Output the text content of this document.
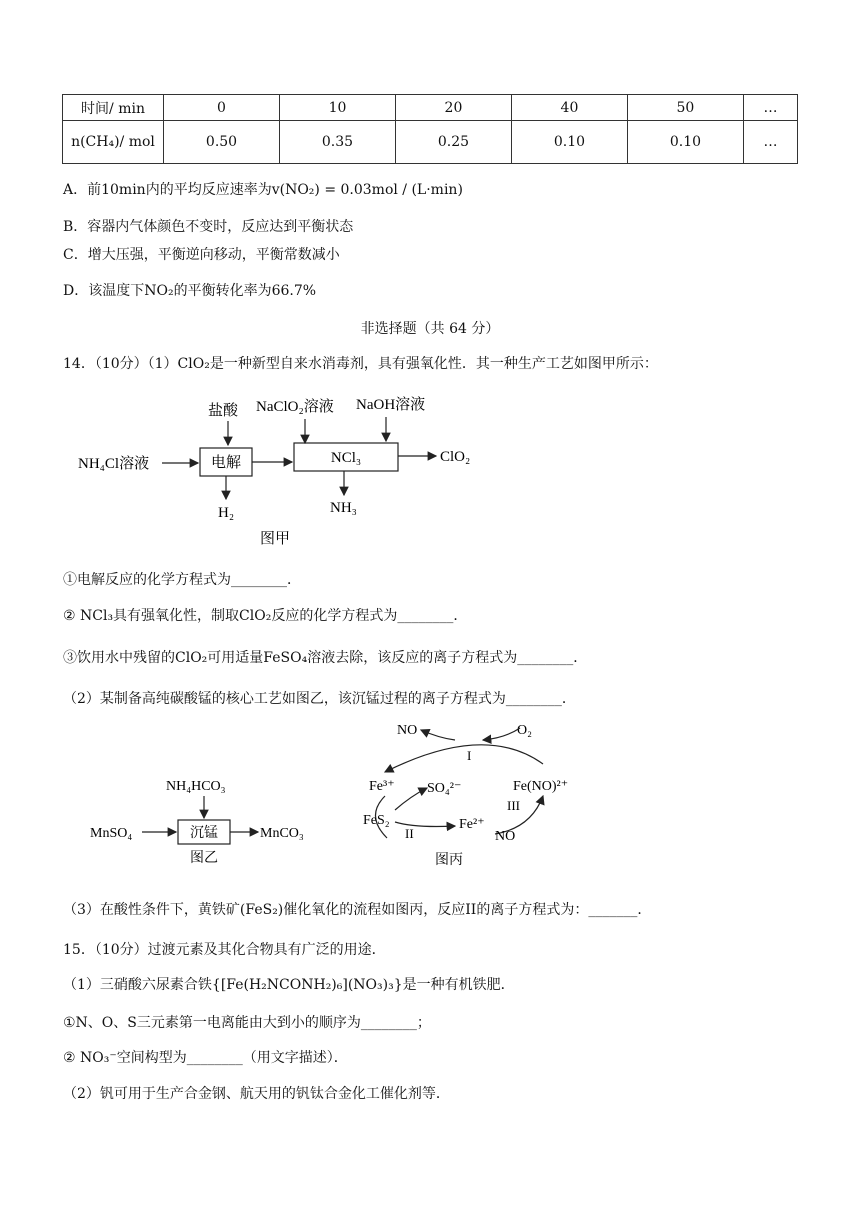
时间/ min	0	10	20	40	50	…
n(CH₄)/ mol	0.50	0.35	0.25	0.10	0.10	…
A．前10min内的平均反应速率为v(NO₂) = 0.03mol / (L·min)
B．容器内气体颜色不变时，反应达到平衡状态
C．增大压强，平衡逆向移动，平衡常数减小
D．该温度下NO₂的平衡转化率为66.7%
非选择题（共 64 分）
14．（10分）（1）ClO₂是一种新型自来水消毒剂，具有强氧化性．其一种生产工艺如图甲所示：
盐酸 NaClO₂溶液 NaOH溶液
NH₄Cl溶液	电解	NCl₃	ClO₂
H₂	NH₃
图甲
①电解反应的化学方程式为________．
② NCl₃具有强氧化性，制取ClO₂反应的化学方程式为________．
③饮用水中残留的ClO₂可用适量FeSO₄溶液去除，该反应的离子方程式为________．
（2）某制备高纯碳酸锰的核心工艺如图乙，该沉锰过程的离子方程式为________．
NH₄HCO₃
MnSO₄	沉锰	MnCO₃
图乙
NO	O₂
I
Fe³⁺ SO₄²⁻	Fe(NO)²⁺
FeS₂
II
Fe²⁺
III
NO
图丙
（3）在酸性条件下，黄铁矿(FeS₂)催化氧化的流程如图丙，反应II的离子方程式为：_______．
15．（10分）过渡元素及其化合物具有广泛的用途．
（1）三硝酸六尿素合铁{[Fe(H₂NCONH₂)₆](NO₃)₃}是一种有机铁肥．
①N、O、S三元素第一电离能由大到小的顺序为________；
② NO₃⁻空间构型为________（用文字描述）．
（2）钒可用于生产合金钢、航天用的钒钛合金化工催化剂等．
